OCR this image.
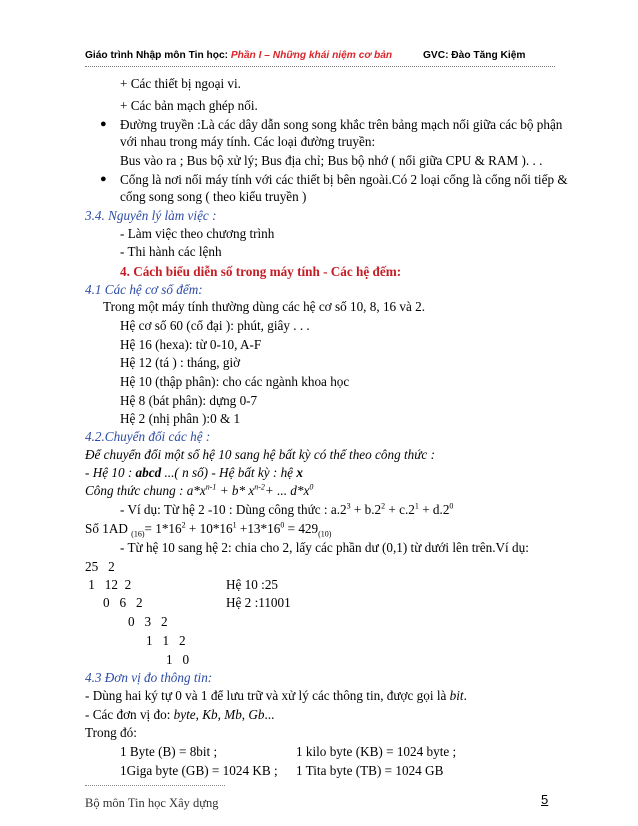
Giáo trình Nhập môn Tin học: Phần I – Những khái niệm cơ bản	GVC: Đào Tăng Kiệm
+ Các thiết bị ngoại vi.
+ Các bản mạch ghép nối.
● Đường truyền :Là các dây dẫn song song khắc trên bảng mạch nối giữa các bộ phận
với nhau trong máy tính. Các loại đường truyền:
Bus vào ra ; Bus bộ xử lý; Bus địa chỉ; Bus bộ nhớ ( nối giữa CPU & RAM ). . .
● Cổng là nơi nối máy tính với các thiết bị bên ngoài.Có 2 loại cổng là cổng nối tiếp &
cổng song song ( theo kiểu truyền )
3.4. Nguyên lý làm việc :
- Làm việc theo chương trình
- Thi hành các lệnh
4. Cách biểu diễn số trong máy tính - Các hệ đếm:
4.1 Các hệ cơ số đếm:
Trong một máy tính thường dùng các hệ cơ số 10, 8, 16 và 2.
Hệ cơ số 60 (cổ đại ): phút, giây . . .
Hệ 16 (hexa): từ 0-10, A-F
Hệ 12 (tá ) : tháng, giờ
Hệ 10 (thập phân): cho các ngành khoa học
Hệ 8 (bát phân): dựng 0-7
Hệ 2 (nhị phân ):0 & 1
4.2.Chuyển đổi các hệ :
Để chuyển đổi một số hệ 10 sang hệ bất kỳ có thể theo công thức :
- Hệ 10 : abcd ...( n số) - Hệ bất kỳ : hệ x
Công thức chung : $a*x^{n-1} + b*$ $x^{n-2}+$ ... $d*x^0$
- Ví dụ: Từ hệ 2 -10 : Dùng công thức : $a.2^3 + b.2^2 + c.2^1 + d.2^0$
Số 1AD $_{(16)}= 1*16^2 + 10*16^1 +13*16^0 = 429_{(10)}$
- Từ hệ 10 sang hệ 2: chia cho 2, lấy các phần dư (0,1) từ dưới lên trên.Ví dụ:
25   2
1   12  2	Hệ 10 :25
0   6   2	Hệ 2 :11001
0   3   2
1   1   2
1   0
4.3 Đơn vị đo thông tin:
- Dùng hai ký tự 0 và 1 để lưu trữ và xử lý các thông tin, được gọi là bit.
- Các đơn vị đo: byte, Kb, Mb, Gb...
Trong đó:
1 Byte (B) = 8bit ;	1 kilo byte (KB) = 1024 byte ;
1Giga byte (GB) = 1024 KB ; 1 Tita byte (TB) = 1024 GB
Bộ môn Tin học Xây dựng	5
